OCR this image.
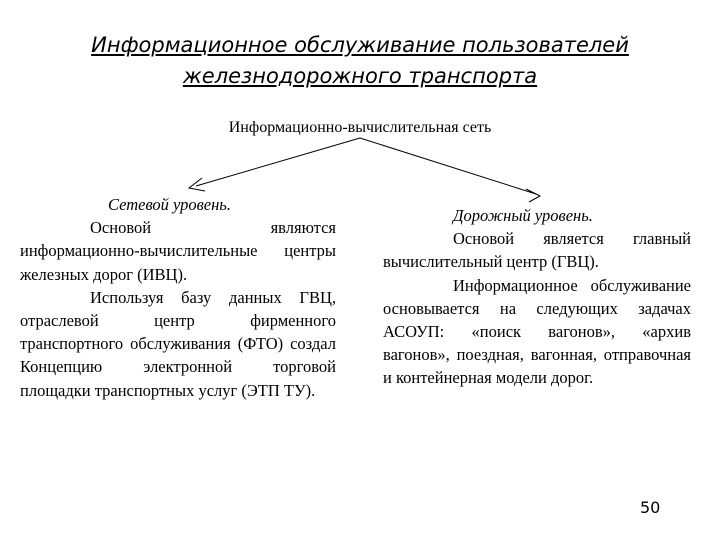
Информационное обслуживание пользователей
железнодорожного транспорта
Информационно-вычислительная сеть

Сетевой уровень.

Основой являются информационно-вычислительные центры железных дорог (ИВЦ).

Используя базу данных ГВЦ, отраслевой центр фирменного транспортного обслуживания (ФТО) создал Концепцию электронной торговой площадки транспортных услуг (ЭТП ТУ).

Дорожный уровень.

Основой является главный вычислительный центр (ГВЦ).

Информационное обслуживание основывается на следующих задачах АСОУП: «поиск вагонов», «архив вагонов», поездная, вагонная, отправочная и контейнерная модели дорог.

50
